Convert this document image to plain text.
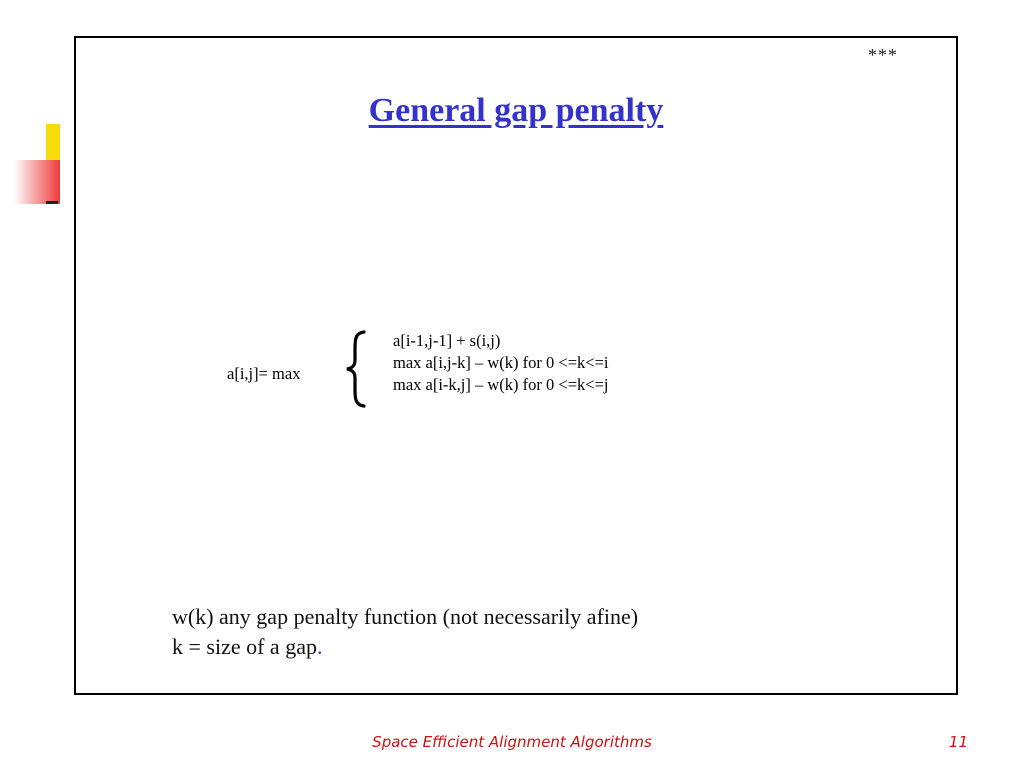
***
General gap penalty
a[i,j]= max
a[i-1,j-1] + s(i,j)
max a[i,j-k] – w(k) for 0 <=k<=i
max a[i-k,j] – w(k) for 0 <=k<=j
w(k) any gap penalty function (not necessarily afine)
k = size of a gap.
Space Efficient Alignment Algorithms	11
